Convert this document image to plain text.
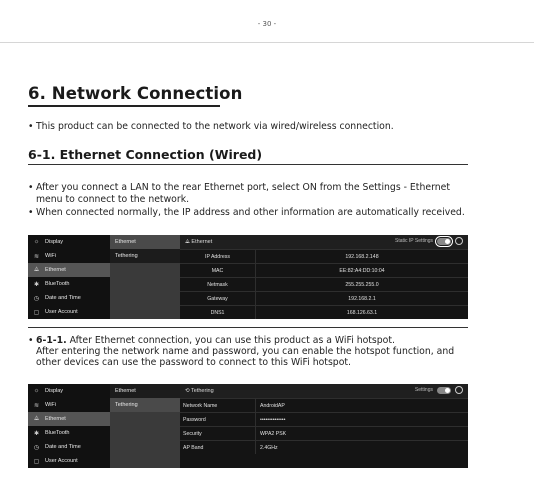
- 30 -
6. Network Connection
• This product can be connected to the network via wired/wireless connection.
6-1. Ethernet Connection (Wired)
• After you connect a LAN to the rear Ethernet port, select ON from the Settings - Ethernet menu to connect to the network.
• When connected normally, the IP address and other information are automatically received.
☼	Display
≋	WiFi
⟁	Ethernet
✱	BlueTooth
◷	Date and Time
▢	User Account
Ethernet
Tethering
⟁ Ethernet	Static IP Settings
IP Address	192.168.2.148
MAC	EE:82:A4:DD:10:04
Netmask	255.255.255.0
Gateway	192.168.2.1
DNS1	168.126.63.1
• 6-1-1. After Ethernet connection, you can use this product as a WiFi hotspot.
After entering the network name and password, you can enable the hotspot function, and other devices can use the password to connect to this WiFi hotspot.
☼	Display
≋	WiFi
⟁	Ethernet
✱	BlueTooth
◷	Date and Time
▢	User Account
Ethernet
Tethering
⟲ Tethering	Settings
Network Name	AndroidAP
Password	••••••••••••••
Security	WPA2 PSK
AP Band	2.4GHz
